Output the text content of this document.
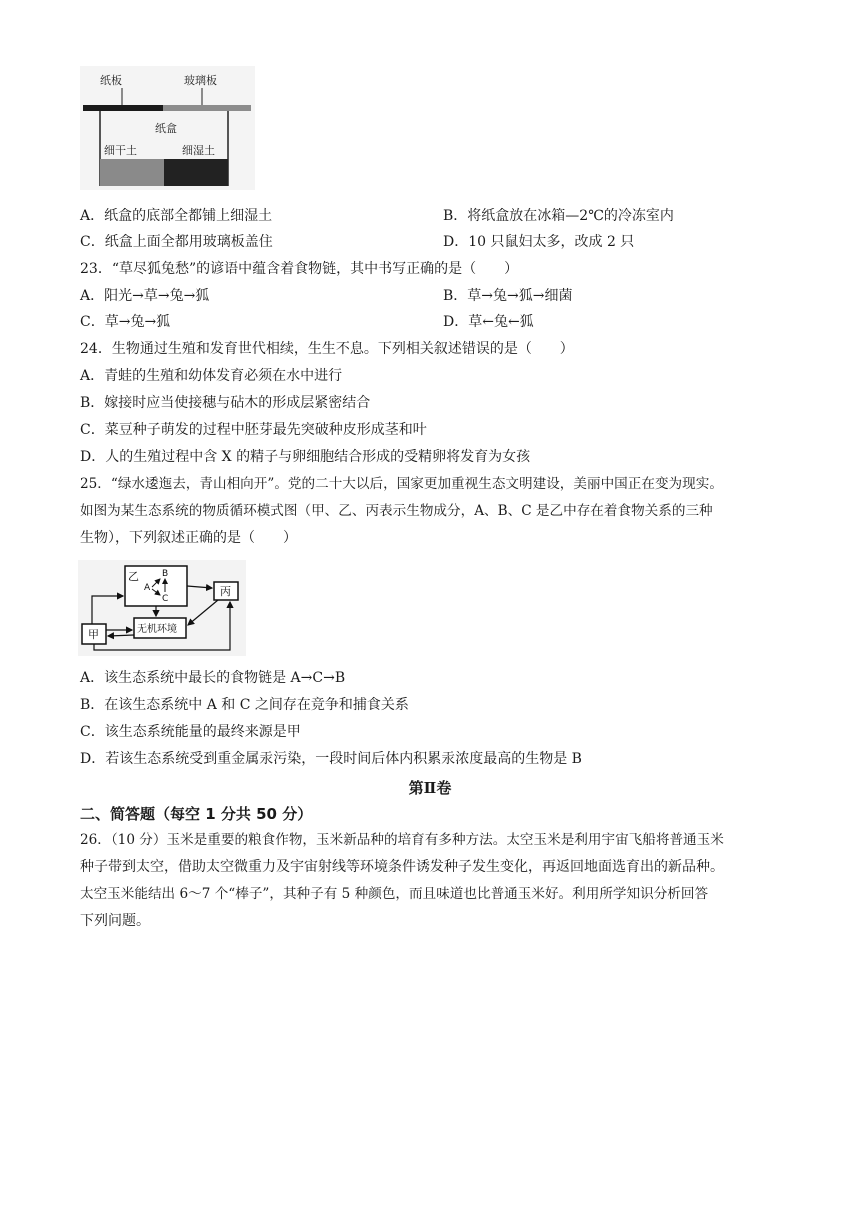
纸板	玻璃板
纸盒
细干土	细湿土
A．纸盒的底部全都铺上细湿土	B．将纸盒放在冰箱—2℃的冷冻室内
C．纸盒上面全都用玻璃板盖住	D．10 只鼠妇太多，改成 2 只
23．“草尽狐兔愁”的谚语中蕴含着食物链，其中书写正确的是（　　）
A．阳光→草→兔→狐	B．草→兔→狐→细菌
C．草→兔→狐	D．草←兔←狐
24．生物通过生殖和发育世代相续，生生不息。下列相关叙述错误的是（　　）
A．青蛙的生殖和幼体发育必须在水中进行
B．嫁接时应当使接穗与砧木的形成层紧密结合
C．菜豆种子萌发的过程中胚芽最先突破种皮形成茎和叶
D．人的生殖过程中含 X 的精子与卵细胞结合形成的受精卵将发育为女孩
25．“绿水逶迤去，青山相向开”。党的二十大以后，国家更加重视生态文明建设，美丽中国正在变为现实。
如图为某生态系统的物质循环模式图（甲、乙、丙表示生物成分，A、B、C 是乙中存在着食物关系的三种
生物），下列叙述正确的是（　　）
乙	B
A
C
丙
甲	无机环境
A．该生态系统中最长的食物链是 A→C→B
B．在该生态系统中 A 和 C 之间存在竞争和捕食关系
C．该生态系统能量的最终来源是甲
D．若该生态系统受到重金属汞污染，一段时间后体内积累汞浓度最高的生物是 B
第Ⅱ卷
二、简答题（每空 1 分共 50 分）
26．（10 分）玉米是重要的粮食作物，玉米新品种的培育有多种方法。太空玉米是利用宇宙飞船将普通玉米
种子带到太空，借助太空微重力及宇宙射线等环境条件诱发种子发生变化，再返回地面选育出的新品种。
太空玉米能结出 6～7 个“棒子”，其种子有 5 种颜色，而且味道也比普通玉米好。利用所学知识分析回答
下列问题。
